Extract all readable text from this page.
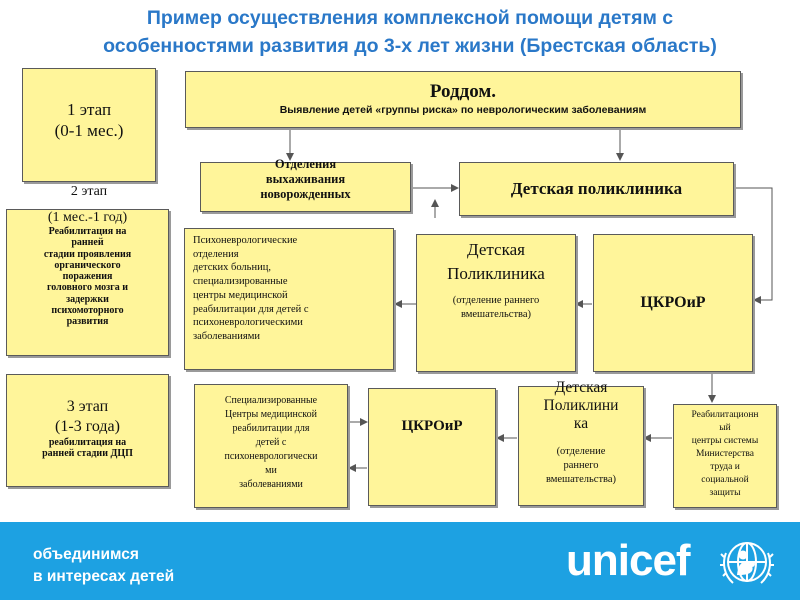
Пример осуществления комплексной помощи детям с
особенностями развития до 3-х лет жизни (Брестская область)
1 этап
(0-1 мес.)
2 этап
(1 мес.-1 год)
Реабилитация на
ранней
стадии проявления
органического
поражения
головного мозга и
задержки
психомоторного
развития
3 этап
(1-3 года)
реабилитация на
ранней стадии ДЦП
Роддом.
Выявление детей «группы риска» по неврологическим заболеваниям
Отделения
выхаживания
новорожденных	Детская поликлиника
Психоневрологические
отделения
детских больниц,
специализированные
центры медицинской
реабилитации для детей с
психоневрологическими
заболеваниями
Детская
Поликлиника
(отделение раннего
вмешательства)
ЦКРОиР
Специализированные
Центры медицинской
реабилитации для
детей с
психоневрологически
ми
заболеваниями
ЦКРОиР
Детская
Поликлини
ка
(отделение
раннего
вмешательства)
Реабилитационн
ый
центры системы
Министерства
труда и
социальной
защиты
объединимся
в интересах детей	unicef
